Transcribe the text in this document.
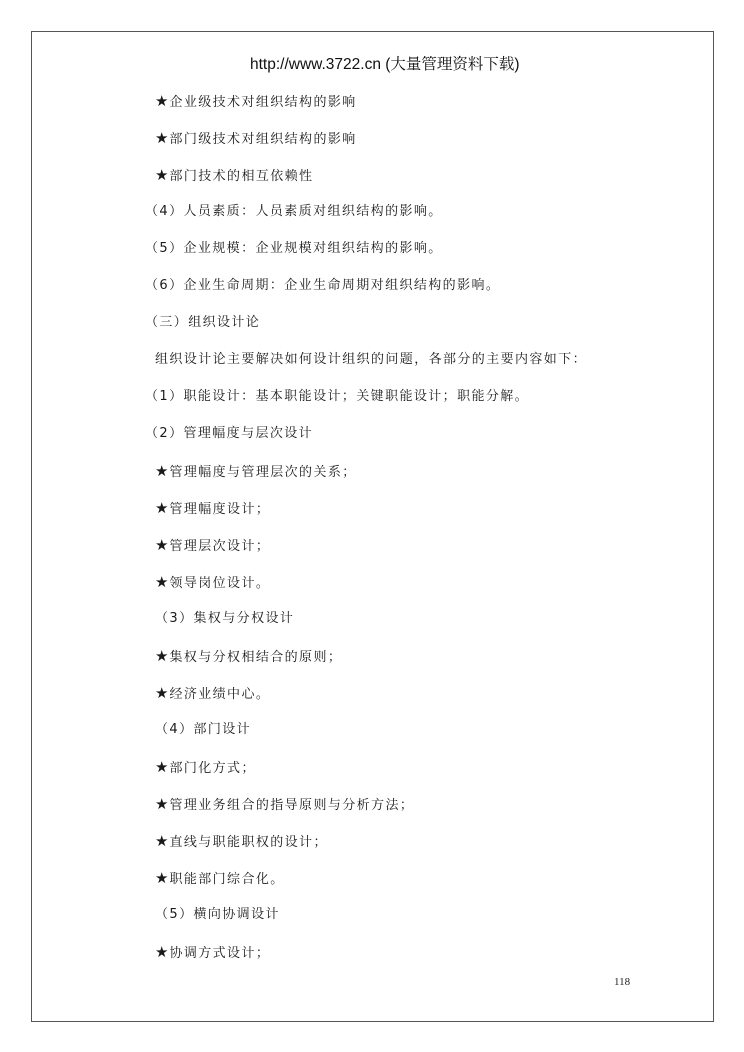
http://www.3722.cn (大量管理资料下载)
★企业级技术对组织结构的影响
★部门级技术对组织结构的影响
★部门技术的相互依赖性
（4）人员素质：人员素质对组织结构的影响。
（5）企业规模：企业规模对组织结构的影响。
（6）企业生命周期：企业生命周期对组织结构的影响。
（三）组织设计论
组织设计论主要解决如何设计组织的问题，各部分的主要内容如下：
（1）职能设计：基本职能设计；关键职能设计；职能分解。
（2）管理幅度与层次设计
★管理幅度与管理层次的关系；
★管理幅度设计；
★管理层次设计；
★领导岗位设计。
（3）集权与分权设计
★集权与分权相结合的原则；
★经济业绩中心。
（4）部门设计
★部门化方式；
★管理业务组合的指导原则与分析方法；
★直线与职能职权的设计；
★职能部门综合化。
（5）横向协调设计
★协调方式设计；
118
